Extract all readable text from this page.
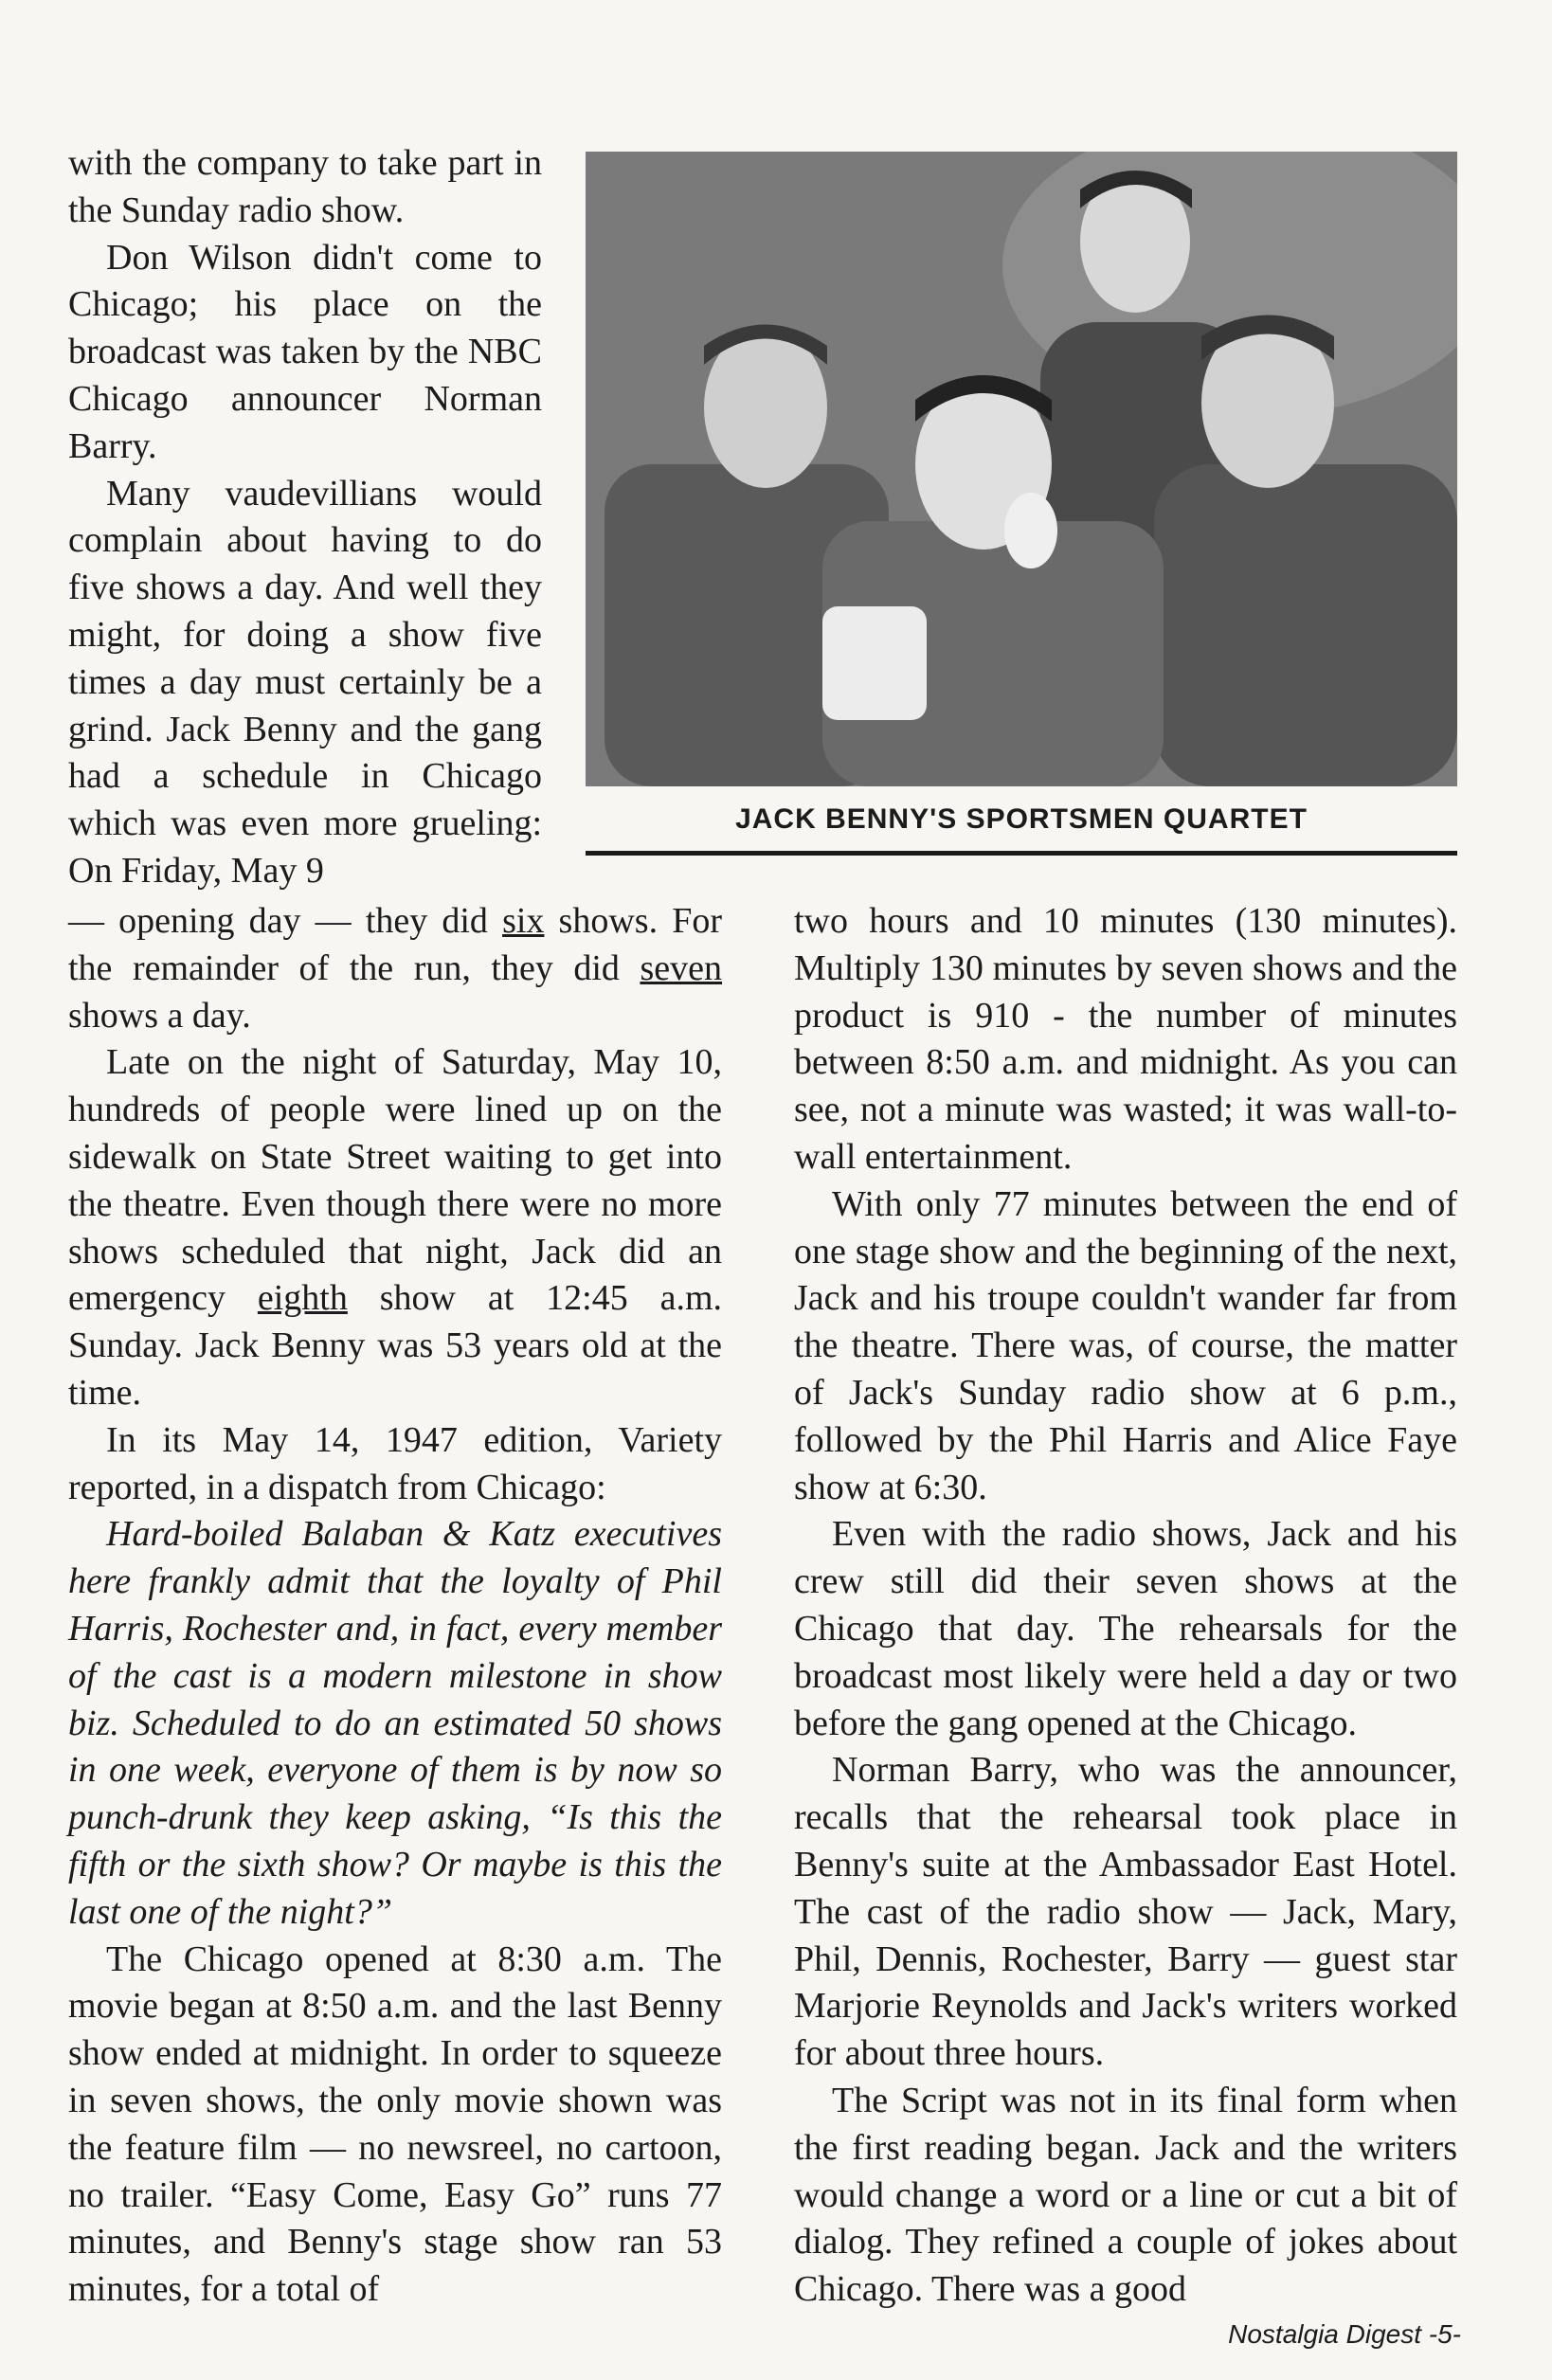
with the company to take part in the Sunday radio show.

Don Wilson didn't come to Chicago; his place on the broadcast was taken by the NBC Chicago announcer Norman Barry.

Many vaudevillians would complain about having to do five shows a day. And well they might, for doing a show five times a day must certainly be a grind. Jack Benny and the gang had a schedule in Chicago which was even more grueling: On Friday, May 9

JACK BENNY'S SPORTSMEN QUARTET

— opening day — they did six shows. For the remainder of the run, they did seven shows a day.

Late on the night of Saturday, May 10, hundreds of people were lined up on the sidewalk on State Street waiting to get into the theatre. Even though there were no more shows scheduled that night, Jack did an emergency eighth show at 12:45 a.m. Sunday. Jack Benny was 53 years old at the time.

In its May 14, 1947 edition, Variety reported, in a dispatch from Chicago:

Hard-boiled Balaban & Katz executives here frankly admit that the loyalty of Phil Harris, Rochester and, in fact, every member of the cast is a modern milestone in show biz. Scheduled to do an estimated 50 shows in one week, everyone of them is by now so punch-drunk they keep asking, “Is this the fifth or the sixth show? Or maybe is this the last one of the night?”

The Chicago opened at 8:30 a.m. The movie began at 8:50 a.m. and the last Benny show ended at midnight. In order to squeeze in seven shows, the only movie shown was the feature film — no newsreel, no cartoon, no trailer. “Easy Come, Easy Go” runs 77 minutes, and Benny's stage show ran 53 minutes, for a total of

two hours and 10 minutes (130 minutes). Multiply 130 minutes by seven shows and the product is 910 - the number of minutes between 8:50 a.m. and midnight. As you can see, not a minute was wasted; it was wall-to-wall entertainment.

With only 77 minutes between the end of one stage show and the beginning of the next, Jack and his troupe couldn't wander far from the theatre. There was, of course, the matter of Jack's Sunday radio show at 6 p.m., followed by the Phil Harris and Alice Faye show at 6:30.

Even with the radio shows, Jack and his crew still did their seven shows at the Chicago that day. The rehearsals for the broadcast most likely were held a day or two before the gang opened at the Chicago.

Norman Barry, who was the announcer, recalls that the rehearsal took place in Benny's suite at the Ambassador East Hotel. The cast of the radio show — Jack, Mary, Phil, Dennis, Rochester, Barry — guest star Marjorie Reynolds and Jack's writers worked for about three hours.

The Script was not in its final form when the first reading began. Jack and the writers would change a word or a line or cut a bit of dialog. They refined a couple of jokes about Chicago. There was a good

Nostalgia Digest -5-
